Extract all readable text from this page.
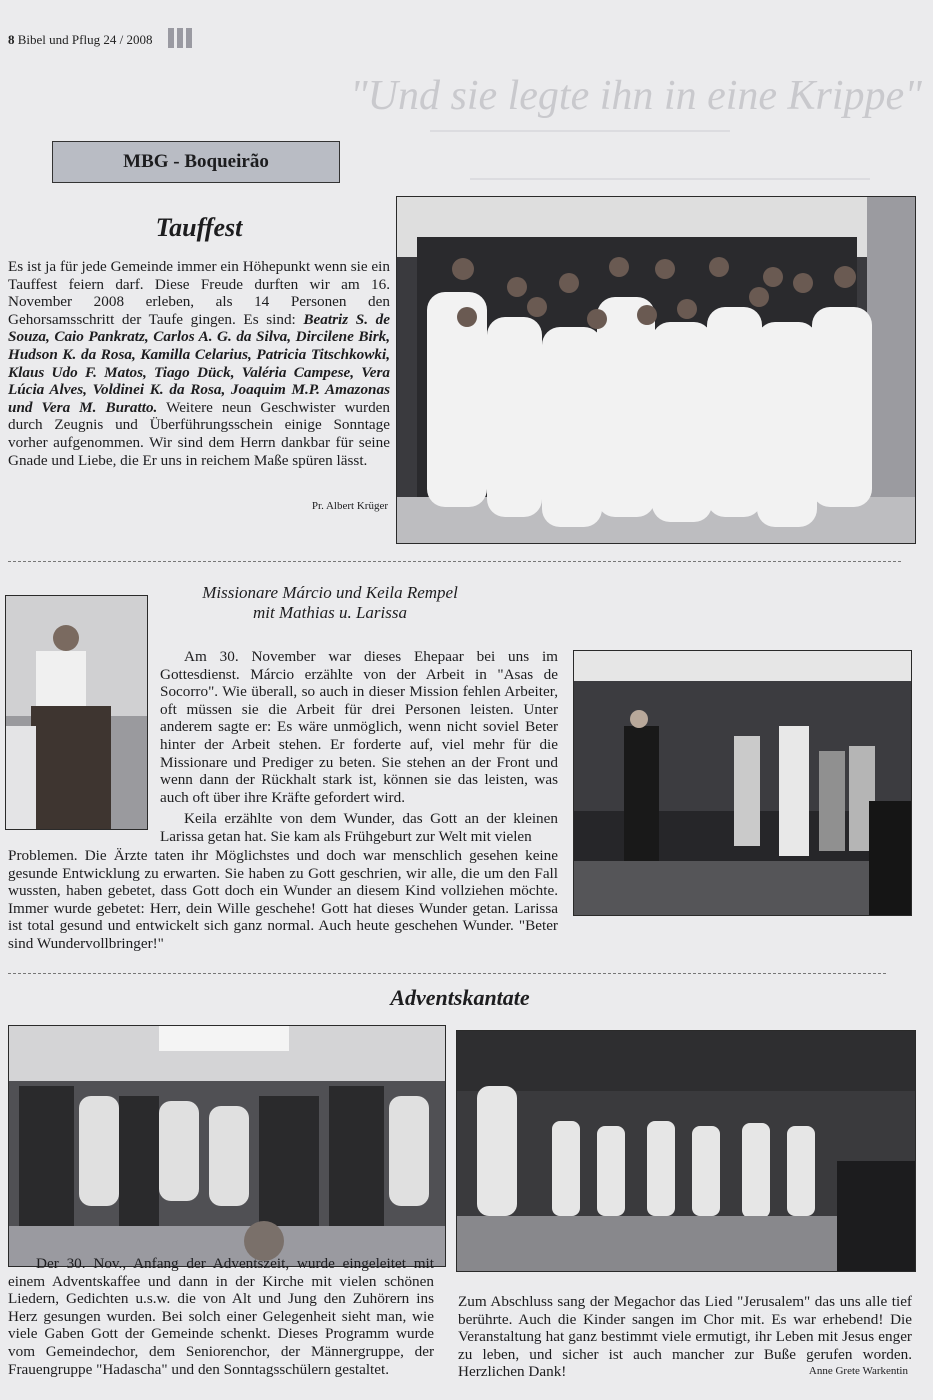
"Und sie legte ihn in eine Krippe"
8 Bibel und Pflug 24 / 2008
MBG - Boqueirão
Tauffest
Es ist ja für jede Gemeinde immer ein Höhepunkt wenn sie ein Tauffest feiern darf. Diese Freude durften wir am 16. November 2008 erleben, als 14 Personen den Gehorsamsschritt der Taufe gingen. Es sind: Beatriz S. de Souza, Caio Pankratz, Carlos A. G. da Silva, Dircilene Birk, Hudson K. da Rosa, Kamilla Celarius, Patricia Titschkowki, Klaus Udo F. Matos, Tiago Dück, Valéria Campese, Vera Lúcia Alves, Voldinei K. da Rosa, Joaquim M.P. Amazonas und Vera M. Buratto. Weitere neun Geschwister wurden durch Zeugnis und Überführungsschein einige Sonntage vorher aufgenommen. Wir sind dem Herrn dankbar für seine Gnade und Liebe, die Er uns in reichem Maße spüren lässt.
Pr. Albert Krüger
Missionare Márcio und Keila Rempel
mit Mathias u. Larissa
Am 30. November war dieses Ehepaar bei uns im Gottesdienst. Márcio erzählte von der Arbeit in "Asas de Socorro". Wie überall, so auch in dieser Mission fehlen Arbeiter, oft müssen sie die Arbeit für drei Personen leisten. Unter anderem sagte er: Es wäre unmöglich, wenn nicht soviel Beter hinter der Arbeit stehen. Er forderte auf, viel mehr für die Missionare und Prediger zu beten. Sie stehen an der Front und wenn dann der Rückhalt stark ist, können sie das leisten, was auch oft über ihre Kräfte gefordert wird.
Keila erzählte von dem Wunder, das Gott an der kleinen Larissa getan hat. Sie kam als Frühgeburt zur Welt mit vielen
Problemen. Die Ärzte taten ihr Möglichstes und doch war menschlich gesehen keine gesunde Entwicklung zu erwarten. Sie haben zu Gott geschrien, wir alle, die um den Fall wussten, haben gebetet, dass Gott doch ein Wunder an diesem Kind vollziehen möchte. Immer wurde gebetet: Herr, dein Wille geschehe! Gott hat dieses Wunder getan. Larissa ist total gesund und entwickelt sich ganz normal. Auch heute geschehen Wunder. "Beter sind Wundervollbringer!"
Adventskantate
Der 30. Nov., Anfang der Adventszeit, wurde eingeleitet mit einem Adventskaffee und dann in der Kirche mit vielen schönen Liedern, Gedichten u.s.w. die von Alt und Jung den Zuhörern ins Herz gesungen wurden. Bei solch einer Gelegenheit sieht man, wie viele Gaben Gott der Gemeinde schenkt. Dieses Programm wurde vom Gemeindechor, dem Seniorenchor, der Männergruppe, der Frauengruppe "Hadascha" und den Sonntagsschülern gestaltet.
Zum Abschluss sang der Megachor das Lied "Jerusalem" das uns alle tief berührte. Auch die Kinder sangen im Chor mit. Es war erhebend! Die Veranstaltung hat ganz bestimmt viele ermutigt, ihr Leben mit Jesus enger zu leben, und sicher ist auch mancher zur Buße gerufen worden. Herzlichen Dank!	Anne Grete Warkentin
